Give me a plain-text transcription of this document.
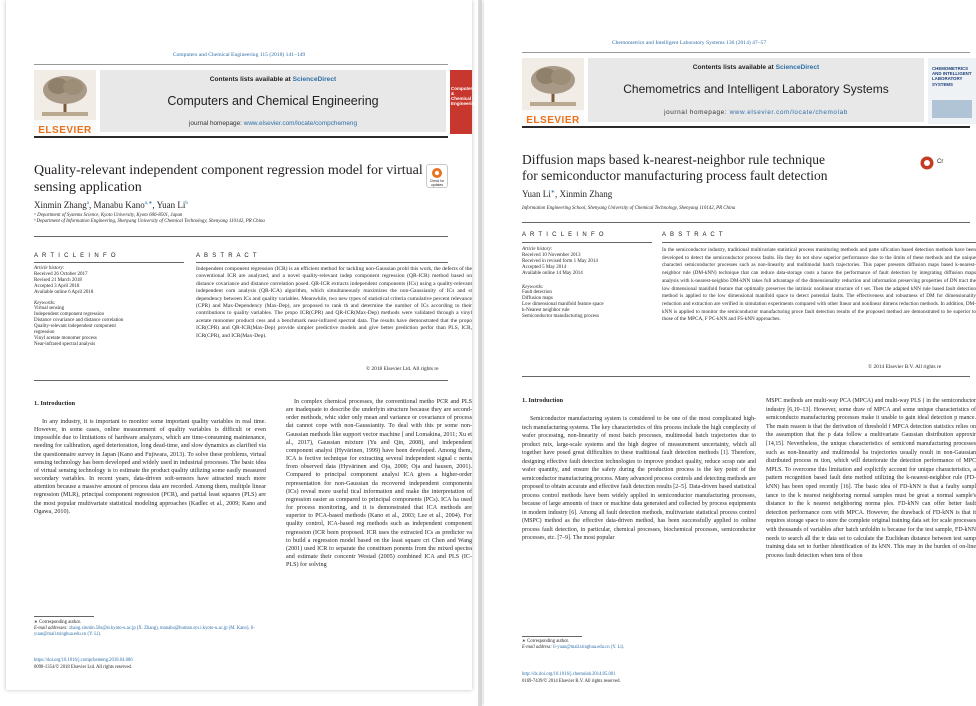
Computers and Chemical Engineering 115 (2018) 141–149
ELSEVIER
Contents lists available at ScienceDirect
Computers and Chemical Engineering
journal homepage: www.elsevier.com/locate/compchemeng
Computers & Chemical Engineering
Check for updates
Quality-relevant independent component regression model for virtual
sensing application
Xinmin Zhang$^a$, Manabu Kano$^{a,∗}$, Yuan Li$^b$
ᵃ Department of Systems Science, Kyoto University, Kyoto 606-8501, Japan
ᵇ Department of Information Engineering, Shenyang University of Chemical Technology, Shenyang 110142, PR China
A R T I C L E I N F O	A B S T R A C T
Article history:
Received 26 October 2017
Revised 21 March 2018
Accepted 3 April 2018
Available online 6 April 2018
Keywords:
Virtual sensing
Independent component regression
Distance covariance and distance correlation
Quality-relevant independent component
regression
Vinyl acetate monomer process
Near-infrared spectral analysis
Independent component regression (ICR) is an efficient method for tackling non-Gaussian probl this work, the defects of the conventional ICR are analyzed, and a novel quality-relevant indep component regression (QR-ICR) method based on distance covariance and distance correlation posed. QR-ICR extracts independent components (ICs) using a quality-relevant independent com analysis (QR-ICA) algorithm, which simultaneously maximizes the non-Gaussianity of ICs and st dependency between ICs and quality variables. Meanwhile, two new types of statistical criteria cumulative percent relevance (CPR) and Max-Dependency (Max-Dep), are proposed to rank th and determine the number of ICs according to their contributions to quality variables. The propo ICR(CPR) and QR-ICR(Max-Dep) methods were validated through a vinyl acetate monomer producti cess and a benchmark near-infrared spectral data. The results have demonstrated that the propo ICR(CPR) and QR-ICR(Max-Dep) provide simpler predictive models and give better prediction perfor than PLS, ICR, ICR(CPR), and ICR(Max-Dep).
© 2018 Elsevier Ltd. All rights re
1. Introduction
In any industry, it is important to monitor some important quality variables in real time. However, in some cases, online measurement of quality variables is difficult or even impossible due to limitations of hardware analyzers, which are time-consuming maintenance, needing for calibration, aged deterioration, long dead-time, and slow dynamics as clarified via the questionnaire survey in Japan (Kano and Fujiwara, 2013). To solve these problems, virtual sensing technology has been developed and widely used in industrial processes. The basic idea of virtual sensing technology is to estimate the product quality utilizing some easily measured secondary variables. In recent years, data-driven soft-sensors have attracted much more attention because a massive amount of process data are recorded. Among them, multiple linear regression (MLR), principal component regression (PCR), and partial least squares (PLS) are the most popular multivariate statistical modeling approaches (Kadlec et al., 2009; Kano and Ogawa, 2010).
In complex chemical processes, the conventional metho PCR and PLS are inadequate to describe the underlyin structure because they are second-order methods, whic sider only mean and variance or covariance of process dat cannot cope with non-Gaussianity. To deal with this pr some non-Gaussian methods like support vector machine [ and Lomakina, 2011; Xu et al., 2017), Gaussian mixture (Yu and Qin, 2008), and independent component analysi (Hyvärinen, 1999) have been developed. Among them, ICA is fective technique for extracting several independent signal c nents from observed data (Hyvärinen and Oja, 2000; Oja and hausen, 2001). Compared to principal component analysi ICA gives a higher-order representation for non-Gaussian da recovered independent components (ICs) reveal more useful tical information and make the interpretation of regression easier as compared to principal components (PCs). ICA ha used for process monitoring, and it is demonstrated that ICA methods are superior to PCA-based methods (Kano et al., 2003; Lee et al., 2004). For quality control, ICA-based reg methods such as independent component regression (ICR been proposed. ICR uses the extracted ICs as predictor va to build a regression model based on the least square cri Chen and Wang (2001) used ICR to separate the constituen ponents from the mixed spectra and estimate their concentr Westad (2005) combined ICA and PLS (IC-PLS) for solving
∗ Corresponding author.
E-mail addresses: zhang.xinmin.58s@st.kyoto-u.ac.jp (X. Zhang), manabu@human.sys.i.kyoto-u.ac.jp (M. Kano), li-yuan@mail.tsinghua.edu.cn (Y. Li).
https://doi.org/10.1016/j.compchemeng.2018.04.006
0098-1354/© 2018 Elsevier Ltd. All rights reserved.
Chemometrics and Intelligent Laboratory Systems 136 (2014) 47–57
ELSEVIER
Contents lists available at ScienceDirect
Chemometrics and Intelligent Laboratory Systems
journal homepage: www.elsevier.com/locate/chemolab
CHEMOMETRICS AND INTELLIGENT LABORATORY SYSTEMS
Cr
Diffusion maps based k-nearest-neighbor rule technique
for semiconductor manufacturing process fault detection
Yuan Li∗, Xinmin Zhang
Information Engineering School, Shenyang University of Chemical Technology, Shenyang 110142, PR China
A R T I C L E I N F O	A B S T R A C T
Article history:
Received 10 November 2013
Received in revised form 1 May 2014
Accepted 5 May 2014
Available online 14 May 2014
Keywords:
Fault detection
Diffusion maps
Low dimensional manifold feature space
k-Nearest neighbor rule
Semiconductor manufacturing process
In the semiconductor industry, traditional multivariate statistical process monitoring methods and patte sification based detection methods have been developed to detect the semiconductor process faults. Ho they do not show superior performance due to the limits of these methods and the unique characteri semiconductor processes such as non-linearity and multimodal batch trajectories. This paper presents diffusion maps based k-nearest-neighbor rule (DM-kNN) technique that can reduce data-storage costs a hance the performance of fault detection by integrating diffusion maps analysis with k-nearest-neighbo DM-kNN takes full advantage of the dimensionality reduction and information preserving properties of DN tract the low dimensional manifold feature that optimally preserves the intrinsic nonlinear structure of t set. Then the adapted kNN rule based fault detection method is applied to the low dimensional manifold space to detect potential faults. The effectiveness and robustness of DM for dimensionality reduction and extraction are verified in simulation experiments compared with other linear and nonlinear dimens reduction methods. In addition, DM-kNN is applied to monitor the semiconductor manufacturing proce fault detection results of the proposed method are demonstrated to be superior to those of the MPCA, F PC-kNN and FS-kNN approaches.
© 2014 Elsevier B.V. All rights re
1. Introduction
Semiconductor manufacturing system is considered to be one of the most complicated high-tech manufacturing systems. The key characteristics of this process include the high complexity of wafer processing, non-linearity of most batch processes, multimodal batch trajectories due to product mix, large-scale systems and the high degree of measurement uncertainty, which all together have posed great difficulties to these traditional fault detection methods [1]. Therefore, designing effective fault detection technologies to improve product quality, reduce scrap rate and wafer quantity, and ensure the safety during the production process is the key point of the semiconductor manufacturing process. Many advanced process controls and detecting methods are proposed to obtain accurate and effective fault detection results [2–5]. Data-driven based statistical process control methods have been widely applied in semiconductor manufacturing processes, because of large amounts of trace or machine data generated and collected by process equipments in modern industry [6]. Among all fault detection methods, multivariate statistical process control (MSPC) method as the effective data-driven method, has been successfully applied to online process fault detection, in particular, chemical processes, biochemical processes, semiconductor processes, etc. [7–9]. The most popular
MSPC methods are multi-way PCA (MPCA) and multi-way PLS ( in the semiconductor industry [6,10–13]. However, some draw of MPCA and some unique characteristics of semiconducto manufacturing processes make it unable to gain ideal detection p mance. The main reason is that the derivation of threshold f MPCA detection statistics relies on the assumption that the p data follow a multivariate Gaussian distribution approxir [14,15]. Nevertheless, the unique characteristics of semicond manufacturing processes such as non-linearity and multimodal ba trajectories usually result in non-Gaussian distributed process m tion, which will deteriorate the detection performance of MPC MPLS. To overcome this limitation and explicitly account for unique characteristics, a pattern recognition based fault dete method utilizing the k-nearest-neighbor rule (FD-kNN) has been oped recently [16]. The basic idea of FD-kNN is that a faulty sampl tance to the k nearest neighboring normal samples must be great a normal sample's distance to the k nearest neighboring norma ples. FD-kNN can offer better fault detection performance com with MPCA. However, the drawback of FD-kNN is that it requires storage space to store the complete original training data set for scale processes with thousands of variables after batch unfoldin is because for the test sample, FD-kNN needs to search all the tr data set to calculate the Euclidean distance between test samp training data set to further identification of its kNN. This may in the burden of on-line process fault detection when tens of thou
∗ Corresponding author.
E-mail address: li-yuan@mail.tsinghua.edu.cn (Y. Li).
http://dx.doi.org/10.1016/j.chemolab.2014.05.001
0169-7439/© 2014 Elsevier B.V. All rights reserved.
